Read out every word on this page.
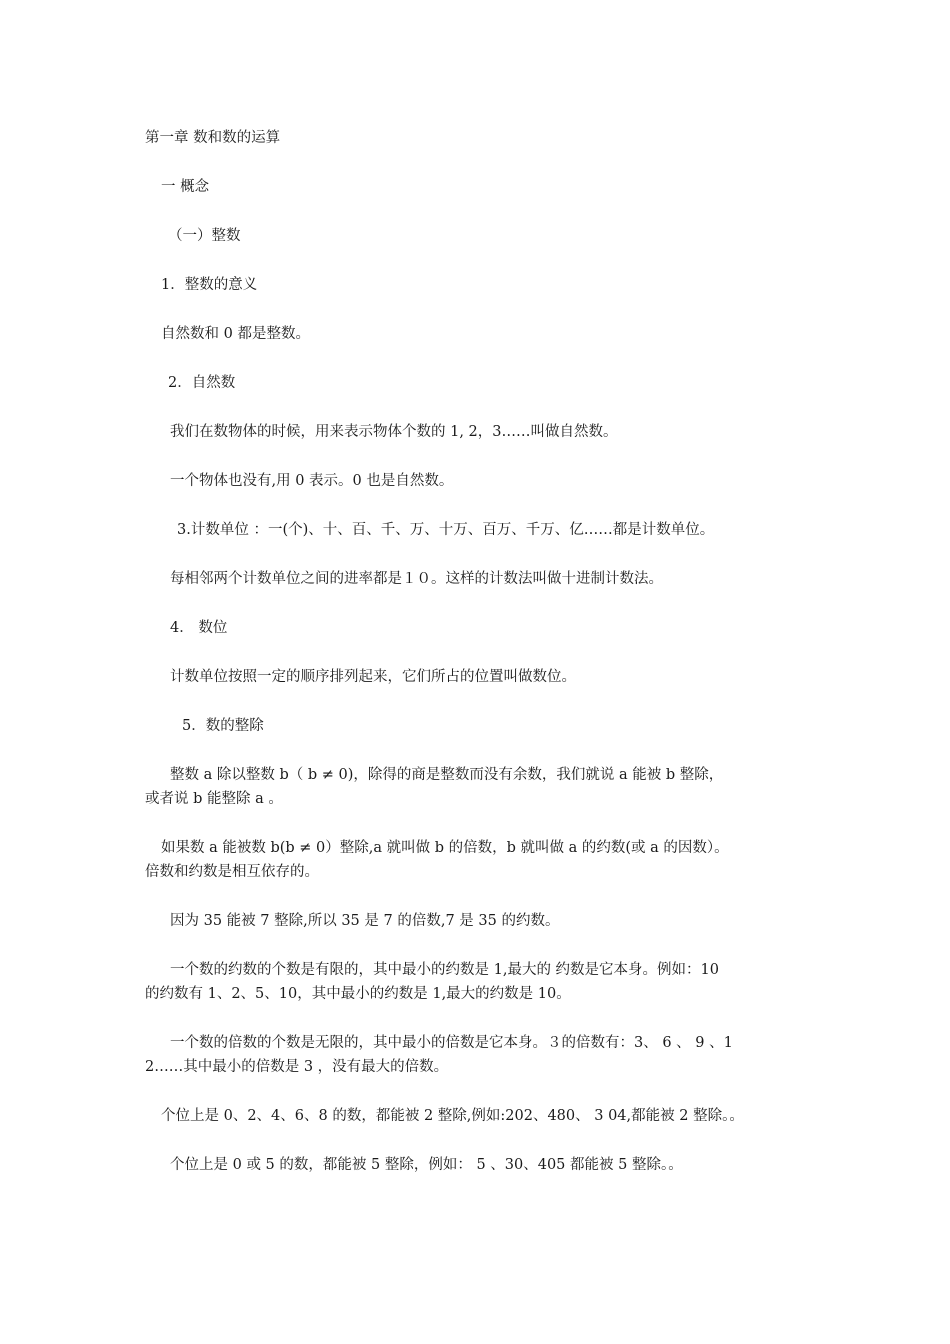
第一章 数和数的运算
一 概念
（一）整数
1．整数的意义
自然数和 0 都是整数。
2．自然数
我们在数物体的时候，用来表示物体个数的 1, 2，3……叫做自然数。
一个物体也没有,用 0 表示。0 也是自然数。
3.计数单位 ：一(个)、十、百、千、万、十万、百万、千万、亿……都是计数单位。
每相邻两个计数单位之间的进率都是１０。这样的计数法叫做十进制计数法。
4． 数位
计数单位按照一定的顺序排列起来，它们所占的位置叫做数位。
5．数的整除
整数 a 除以整数 b（ b ≠ 0)，除得的商是整数而没有余数，我们就说 a 能被 b 整除，
或者说 b 能整除 a 。
如果数 a 能被数 b(b ≠ 0）整除,a 就叫做 b 的倍数，b 就叫做 a 的约数(或 a 的因数）。
倍数和约数是相互依存的。
因为 35 能被 7 整除,所以 35 是 7 的倍数,7 是 35 的约数。
一个数的约数的个数是有限的，其中最小的约数是 1,最大的 约数是它本身。例如：10
的约数有 1、2、5、10，其中最小的约数是 1,最大的约数是 10。
一个数的倍数的个数是无限的，其中最小的倍数是它本身。３的倍数有：3、 6 、 9 、1
2……其中最小的倍数是 3 ，没有最大的倍数。
个位上是 0、2、4、6、8 的数，都能被 2 整除,例如:202、480、 3 04,都能被 2 整除。。
个位上是 0 或 5 的数，都能被 5 整除，例如： 5 、30、405 都能被 5 整除。。
